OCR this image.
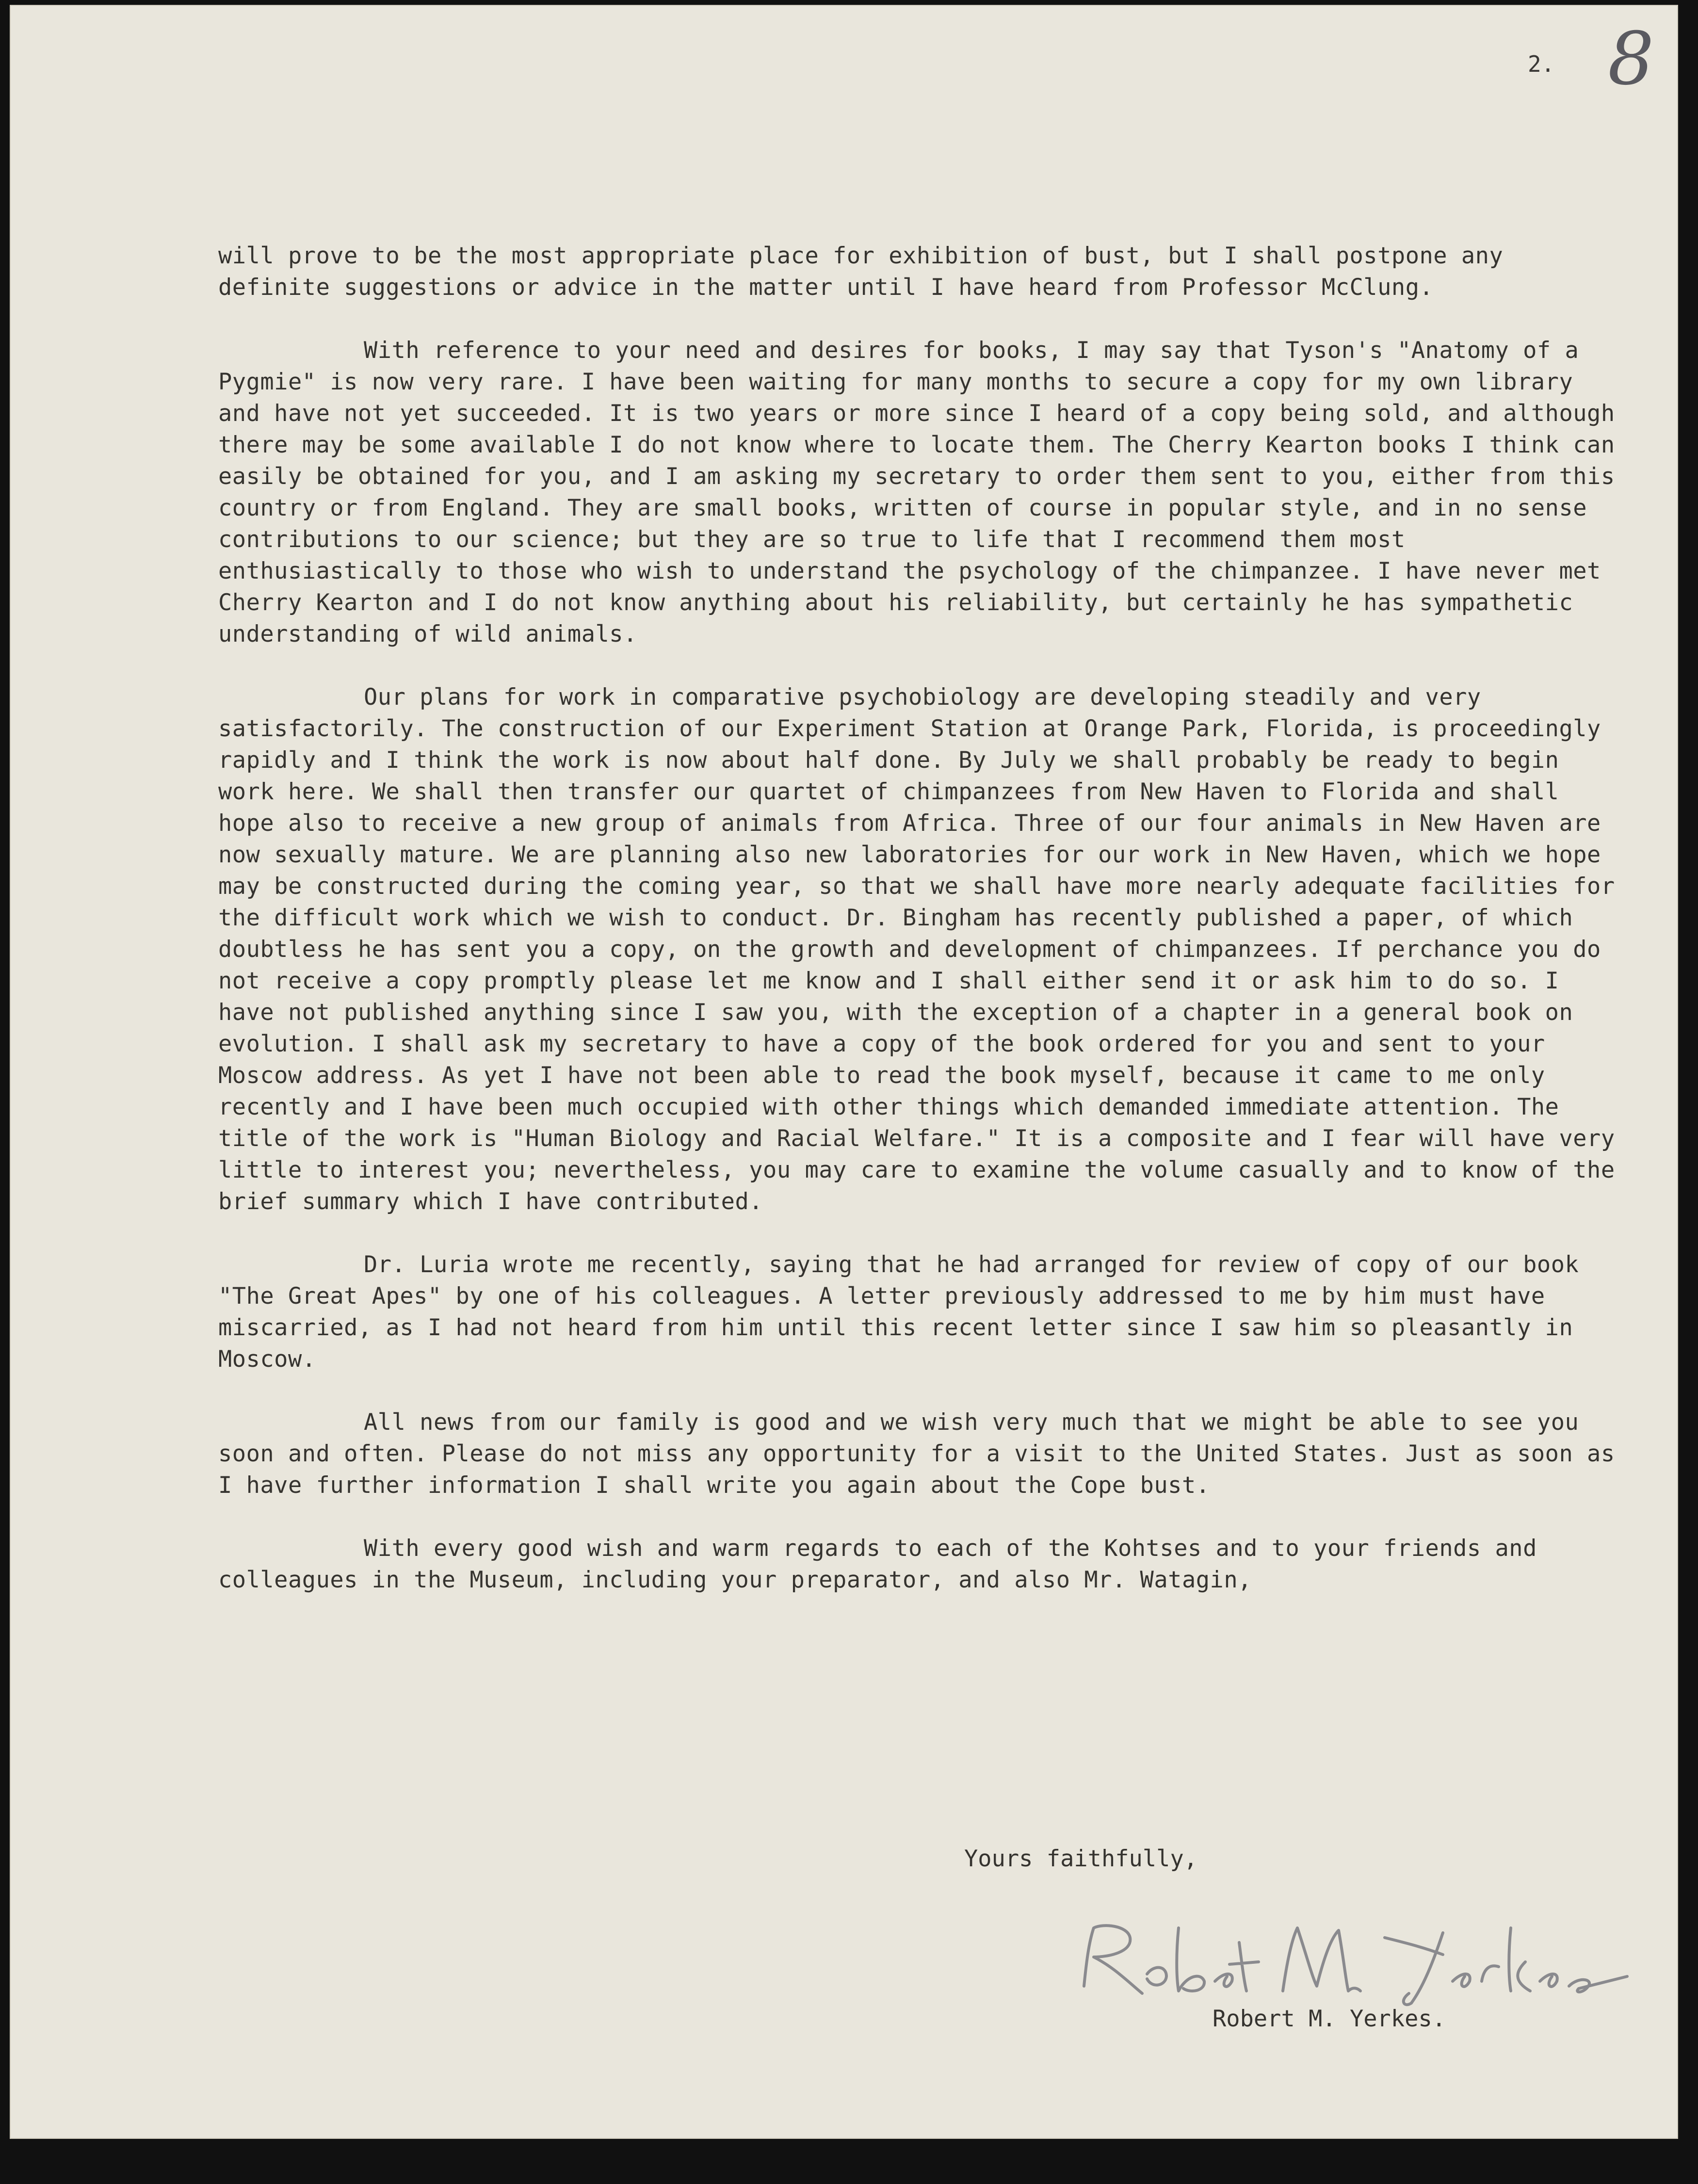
2. 8

will prove to be the most appropriate place for exhibition of bust, but I shall postpone any definite suggestions or advice in the matter until I have heard from Professor McClung.

With reference to your need and desires for books, I may say that Tyson's "Anatomy of a Pygmie" is now very rare. I have been waiting for many months to secure a copy for my own library and have not yet succeeded. It is two years or more since I heard of a copy being sold, and although there may be some available I do not know where to locate them. The Cherry Kearton books I think can easily be obtained for you, and I am asking my secretary to order them sent to you, either from this country or from England. They are small books, written of course in popular style, and in no sense contributions to our science; but they are so true to life that I recommend them most enthusiastically to those who wish to understand the psychology of the chimpanzee. I have never met Cherry Kearton and I do not know anything about his reliability, but certainly he has sympathetic understanding of wild animals.

Our plans for work in comparative psychobiology are developing steadily and very satisfactorily. The construction of our Experiment Station at Orange Park, Florida, is proceedingly rapidly and I think the work is now about half done. By July we shall probably be ready to begin work here. We shall then transfer our quartet of chimpanzees from New Haven to Florida and shall hope also to receive a new group of animals from Africa. Three of our four animals in New Haven are now sexually mature. We are planning also new laboratories for our work in New Haven, which we hope may be constructed during the coming year, so that we shall have more nearly adequate facilities for the difficult work which we wish to conduct. Dr. Bingham has recently published a paper, of which doubtless he has sent you a copy, on the growth and development of chimpanzees. If perchance you do not receive a copy promptly please let me know and I shall either send it or ask him to do so. I have not published anything since I saw you, with the exception of a chapter in a general book on evolution. I shall ask my secretary to have a copy of the book ordered for you and sent to your Moscow address. As yet I have not been able to read the book myself, because it came to me only recently and I have been much occupied with other things which demanded immediate attention. The title of the work is "Human Biology and Racial Welfare." It is a composite and I fear will have very little to interest you; nevertheless, you may care to examine the volume casually and to know of the brief summary which I have contributed.

Dr. Luria wrote me recently, saying that he had arranged for review of copy of our book "The Great Apes" by one of his colleagues. A letter previously addressed to me by him must have miscarried, as I had not heard from him until this recent letter since I saw him so pleasantly in Moscow.

All news from our family is good and we wish very much that we might be able to see you soon and often. Please do not miss any opportunity for a visit to the United States. Just as soon as I have further information I shall write you again about the Cope bust.

With every good wish and warm regards to each of the Kohtses and to your friends and colleagues in the Museum, including your preparator, and also Mr. Watagin,

Yours faithfully,
Robert M. Yerkes.
